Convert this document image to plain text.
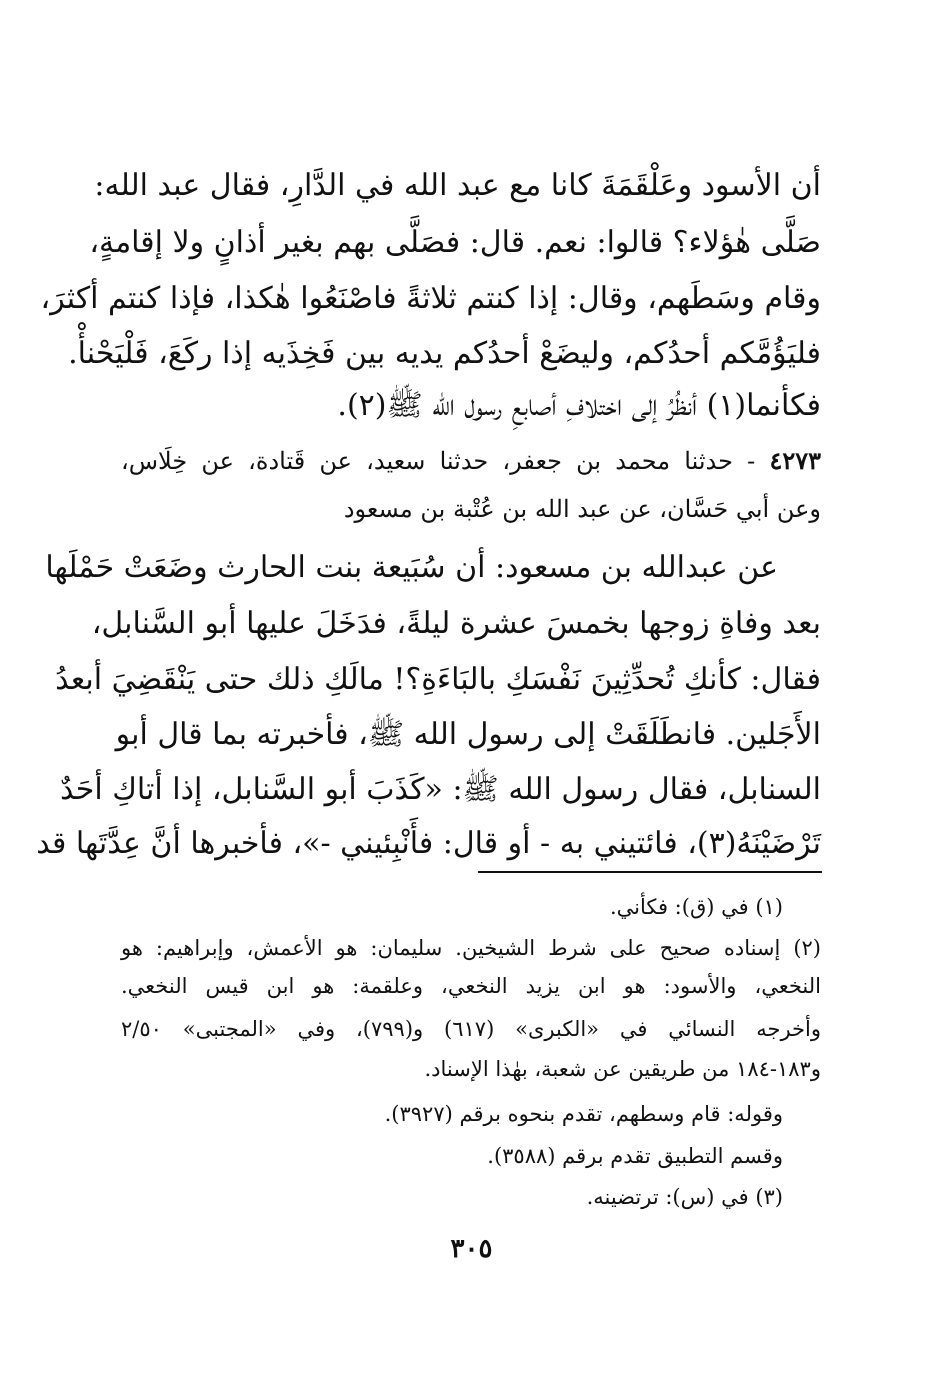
أن الأسود وعَلْقَمَةَ كانا مع عبد الله في الدَّارِ، فقال عبد الله:

صَلَّى هٰؤلاء؟ قالوا: نعم. قال: فصَلَّى بهم بغير أذانٍ ولا إقامةٍ،

وقام وسَطَهم، وقال: إذا كنتم ثلاثةً فاصْنَعُوا هٰكذا، فإذا كنتم أكثرَ،

فليَؤُمَّكم أحدُكم، وليضَعْ أحدُكم يديه بين فَخِذَيه إذا ركَعَ، فَلْيَحْنأْ.

فكأنما(١) أنظُرُ إلى اختلافِ أصابعِ رسول الله ﷺ(٢).

٤٢٧٣ - حدثنا محمد بن جعفر، حدثنا سعيد، عن قَتادة، عن خِلَاس،

وعن أبي حَسَّان، عن عبد الله بن عُتْبة بن مسعود

عن عبدالله بن مسعود: أن سُبَيعة بنت الحارث وضَعَتْ حَمْلَها

بعد وفاةِ زوجها بخمسَ عشرة ليلةً، فدَخَلَ عليها أبو السَّنابل،

فقال: كأنكِ تُحدِّثِينَ نَفْسَكِ بالبَاءَةِ؟! مالَكِ ذلك حتى يَنْقَضِيَ أبعدُ

الأَجَلين. فانطَلَقَتْ إلى رسول الله ﷺ، فأخبرته بما قال أبو

السنابل، فقال رسول الله ﷺ: «كَذَبَ أبو السَّنابل، إذا أتاكِ أحَدٌ

تَرْضَيْنَهُ(٣)، فائتيني به - أو قال: فأَنْبِئيني -»، فأخبرها أنَّ عِدَّتَها قد

(١) في (ق): فكأني.

(٢) إسناده صحيح على شرط الشيخين. سليمان: هو الأعمش، وإبراهيم: هو

النخعي، والأسود: هو ابن يزيد النخعي، وعلقمة: هو ابن قيس النخعي.

وأخرجه النسائي في «الكبرى» (٦١٧) و(٧٩٩)، وفي «المجتبى» ٢/٥٠

و١٨٣-١٨٤ من طريقين عن شعبة، بهٰذا الإسناد.

وقوله: قام وسطهم، تقدم بنحوه برقم (٣٩٢٧).

وقسم التطبيق تقدم برقم (٣٥٨٨).

(٣) في (س): ترتضينه.

٣٠٥
